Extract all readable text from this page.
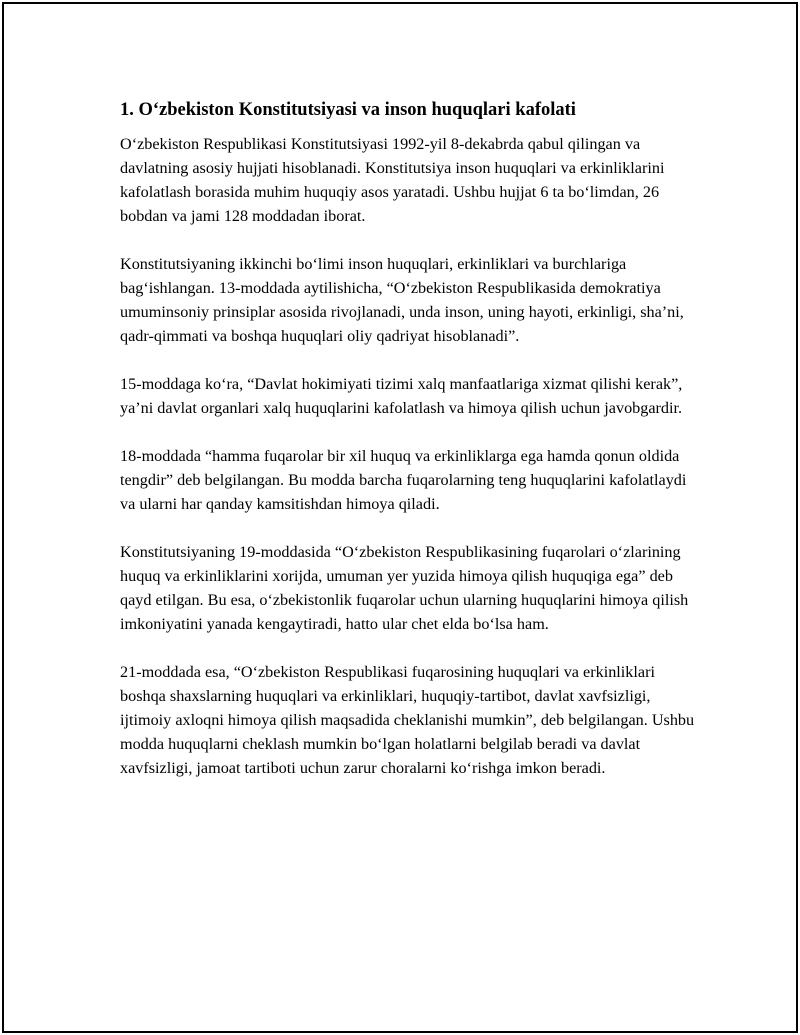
1. O‘zbekiston Konstitutsiyasi va inson huquqlari kafolati

O‘zbekiston Respublikasi Konstitutsiyasi 1992-yil 8-dekabrda qabul qilingan va davlatning asosiy hujjati hisoblanadi. Konstitutsiya inson huquqlari va erkinliklarini kafolatlash borasida muhim huquqiy asos yaratadi. Ushbu hujjat 6 ta bo‘limdan, 26 bobdan va jami 128 moddadan iborat.

Konstitutsiyaning ikkinchi bo‘limi inson huquqlari, erkinliklari va burchlariga bag‘ishlangan. 13-moddada aytilishicha, “O‘zbekiston Respublikasida demokratiya umuminsoniy prinsiplar asosida rivojlanadi, unda inson, uning hayoti, erkinligi, sha’ni, qadr-qimmati va boshqa huquqlari oliy qadriyat hisoblanadi”.

15-moddaga ko‘ra, “Davlat hokimiyati tizimi xalq manfaatlariga xizmat qilishi kerak”, ya’ni davlat organlari xalq huquqlarini kafolatlash va himoya qilish uchun javobgardir.

18-moddada “hamma fuqarolar bir xil huquq va erkinliklarga ega hamda qonun oldida tengdir” deb belgilangan. Bu modda barcha fuqarolarning teng huquqlarini kafolatlaydi va ularni har qanday kamsitishdan himoya qiladi.

Konstitutsiyaning 19-moddasida “O‘zbekiston Respublikasining fuqarolari o‘zlarining huquq va erkinliklarini xorijda, umuman yer yuzida himoya qilish huquqiga ega” deb qayd etilgan. Bu esa, o‘zbekistonlik fuqarolar uchun ularning huquqlarini himoya qilish imkoniyatini yanada kengaytiradi, hatto ular chet elda bo‘lsa ham.

21-moddada esa, “O‘zbekiston Respublikasi fuqarosining huquqlari va erkinliklari boshqa shaxslarning huquqlari va erkinliklari, huquqiy-tartibot, davlat xavfsizligi, ijtimoiy axloqni himoya qilish maqsadida cheklanishi mumkin”, deb belgilangan. Ushbu modda huquqlarni cheklash mumkin bo‘lgan holatlarni belgilab beradi va davlat xavfsizligi, jamoat tartiboti uchun zarur choralarni ko‘rishga imkon beradi.
